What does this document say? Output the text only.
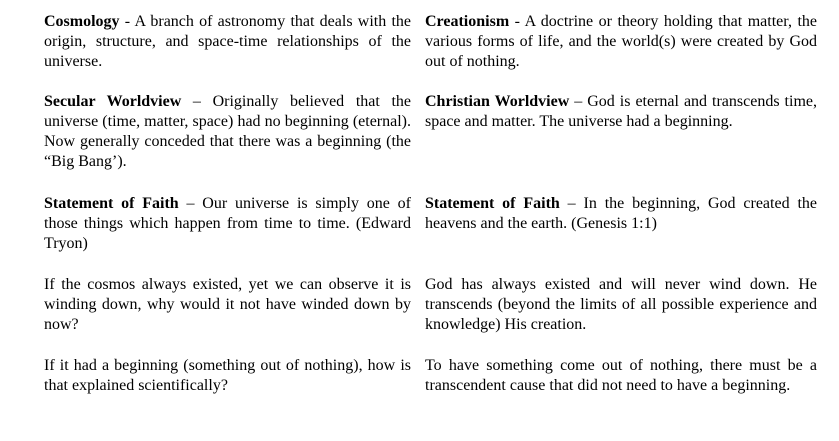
Cosmology - A branch of astronomy that deals with the origin, structure, and space-time relationships of the universe.
Creationism - A doctrine or theory holding that matter, the various forms of life, and the world(s) were created by God out of nothing.
Secular Worldview – Originally believed that the universe (time, matter, space) had no beginning (eternal). Now generally conceded that there was a beginning (the “Big Bang’).
Christian Worldview – God is eternal and transcends time, space and matter. The universe had a beginning.
Statement of Faith – Our universe is simply one of those things which happen from time to time. (Edward Tryon)
Statement of Faith – In the beginning, God created the heavens and the earth. (Genesis 1:1)
If the cosmos always existed, yet we can observe it is winding down, why would it not have winded down by now?
God has always existed and will never wind down. He transcends (beyond the limits of all possible experience and knowledge) His creation.
If it had a beginning (something out of nothing), how is that explained scientifically?
To have something come out of nothing, there must be a transcendent cause that did not need to have a beginning.
